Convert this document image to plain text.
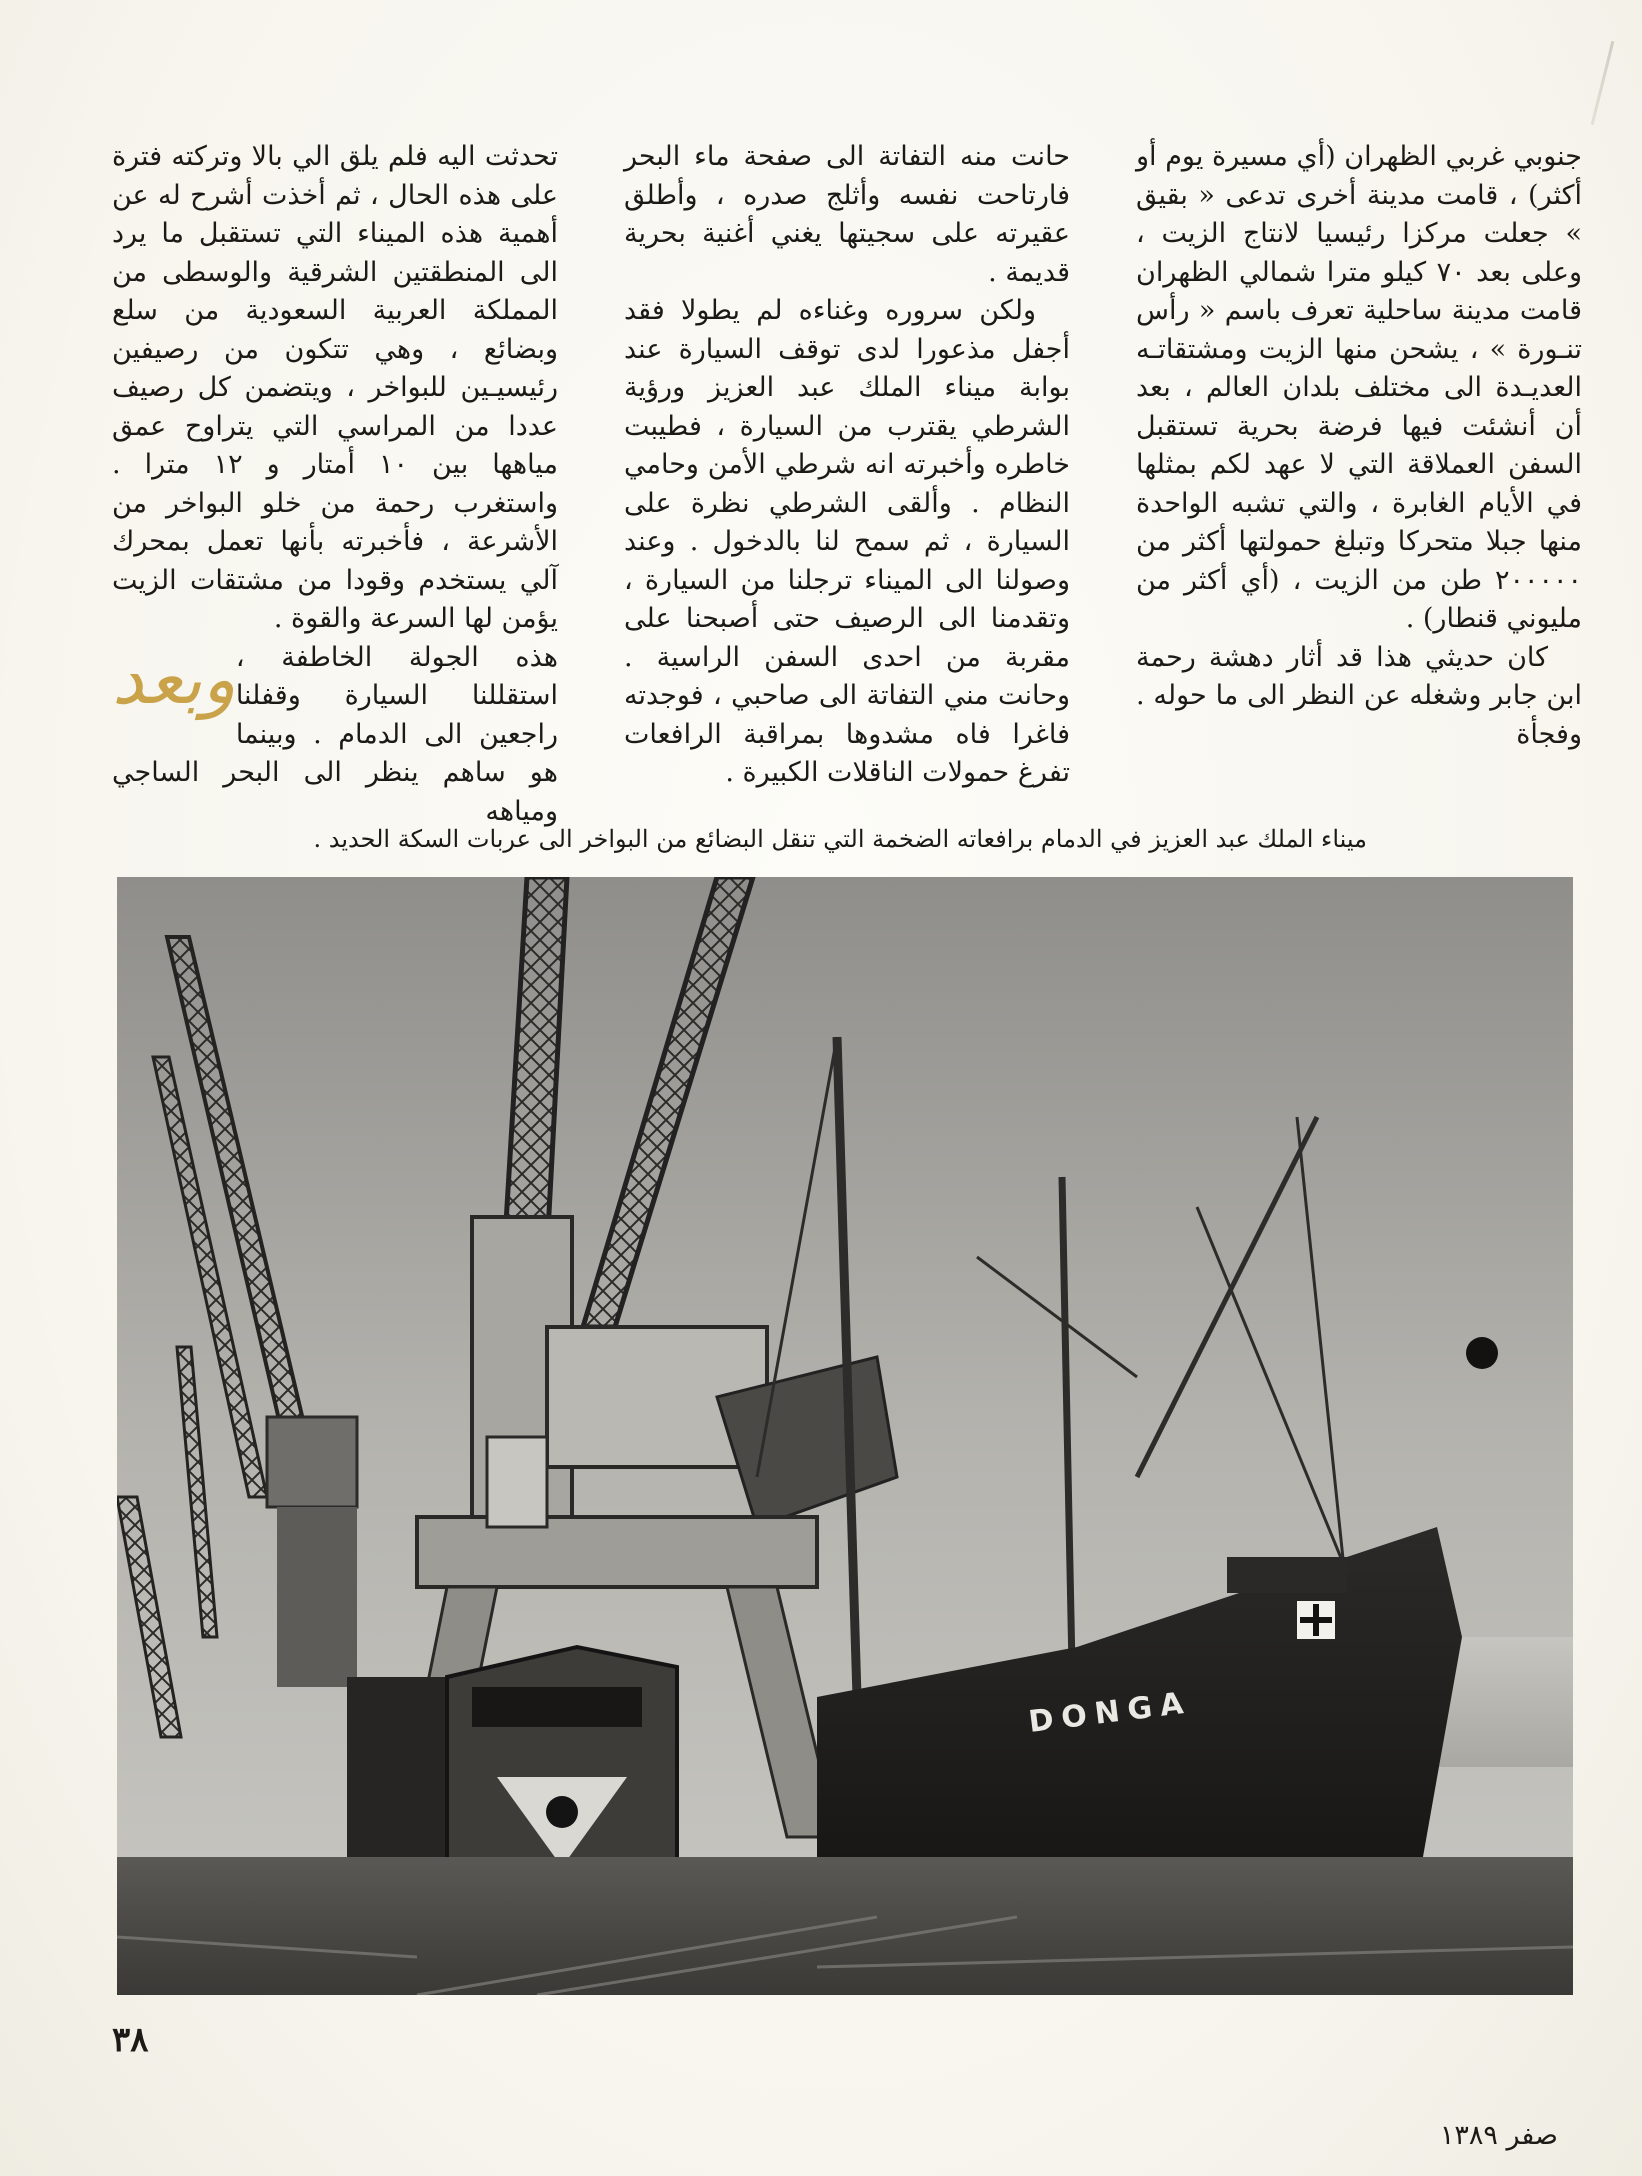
جنوبي غربي الظهران (أي مسيرة يوم أو أكثر) ، قامت مدينة أخرى تدعى « بقيق » جعلت مركزا رئيسيا لانتاج الزيت ، وعلى بعد ٧٠ كيلو مترا شمالي الظهران قامت مدينة ساحلية تعرف باسم « رأس تنـورة » ، يشحن منها الزيت ومشتقاتـه العديـدة الى مختلف بلدان العالم ، بعد أن أنشئت فيها فرضة بحرية تستقبل السفن العملاقة التي لا عهد لكم بمثلها في الأيام الغابرة ، والتي تشبه الواحدة منها جبلا متحركا وتبلغ حمولتها أكثر من ٢٠٠٠٠٠ طن من الزيت ، (أي أكثر من مليوني قنطار) .

كان حديثي هذا قد أثار دهشة رحمة ابن جابر وشغله عن النظر الى ما حوله . وفجأة

حانت منه التفاتة الى صفحة ماء البحر فارتاحت نفسه وأثلج صدره ، وأطلق عقيرته على سجيتها يغني أغنية بحرية قديمة .

ولكن سروره وغناءه لم يطولا فقد أجفل مذعورا لدى توقف السيارة عند بوابة ميناء الملك عبد العزيز ورؤية الشرطي يقترب من السيارة ، فطيبت خاطره وأخبرته انه شرطي الأمن وحامي النظام . وألقى الشرطي نظرة على السيارة ، ثم سمح لنا بالدخول . وعند وصولنا الى الميناء ترجلنا من السيارة ، وتقدمنا الى الرصيف حتى أصبحنا على مقربة من احدى السفن الراسية . وحانت مني التفاتة الى صاحبي ، فوجدته فاغرا فاه مشدوها بمراقبة الرافعات تفرغ حمولات الناقلات الكبيرة .

تحدثت اليه فلم يلق الي بالا وتركته فترة على هذه الحال ، ثم أخذت أشرح له عن أهمية هذه الميناء التي تستقبل ما يرد الى المنطقتين الشرقية والوسطى من المملكة العربية السعودية من سلع وبضائع ، وهي تتكون من رصيفين رئيسيـين للبواخر ، ويتضمن كل رصيف عددا من المراسي التي يتراوح عمق مياهها بين ١٠ أمتار و ١٢ مترا . واستغرب رحمة من خلو البواخر من الأشرعة ، فأخبرته بأنها تعمل بمحرك آلي يستخدم وقودا من مشتقات الزيت يؤمن لها السرعة والقوة .

وبعد هذه الجولة الخاطفة ، استقللنا السيارة وقفلنا راجعين الى الدمام . وبينما هو ساهم ينظر الى البحر الساجي ومياهه

ميناء الملك عبد العزيز في الدمام برافعاته الضخمة التي تنقل البضائع من البواخر الى عربات السكة الحديد .
DONGA
٣٨
صفر ١٣٨٩
